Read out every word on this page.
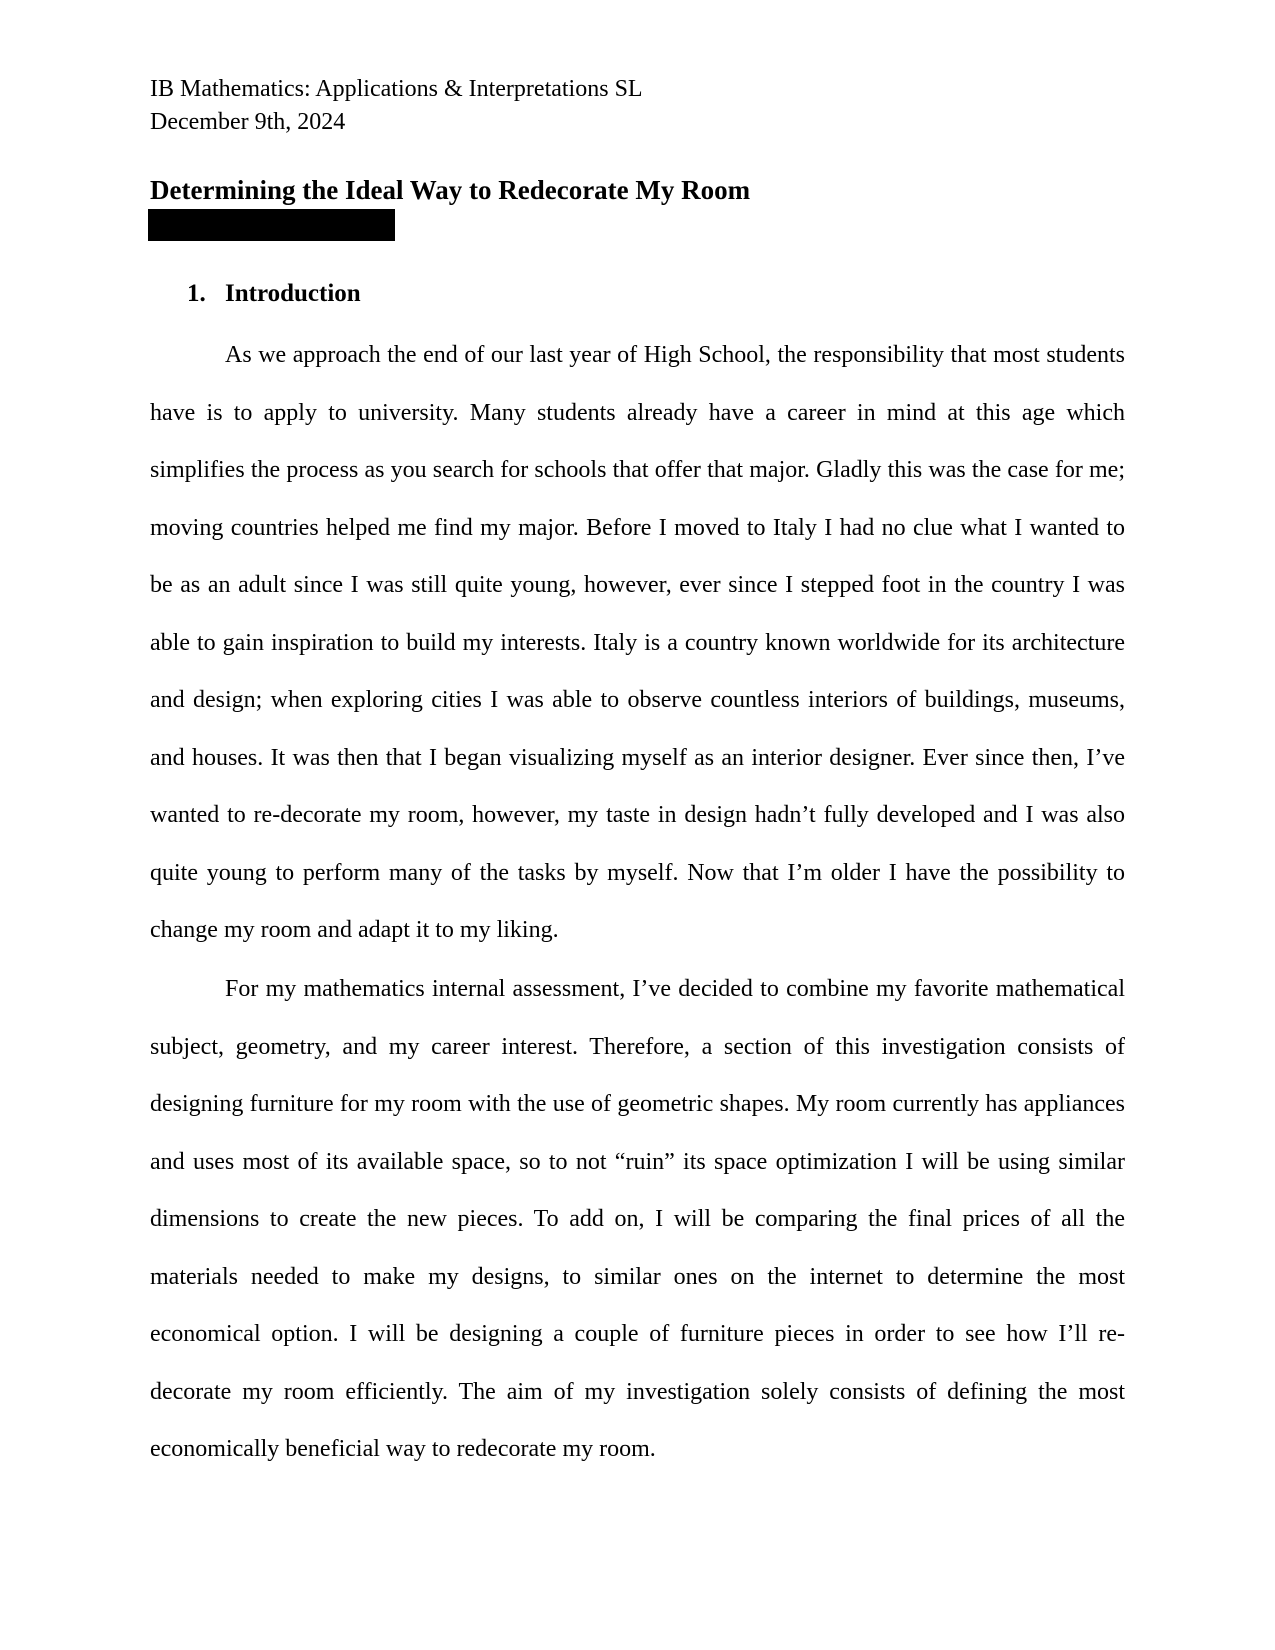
IB Mathematics: Applications & Interpretations SL
December 9th, 2024
Determining the Ideal Way to Redecorate My Room
1. Introduction

As we approach the end of our last year of High School, the responsibility that most students have is to apply to university. Many students already have a career in mind at this age which simplifies the process as you search for schools that offer that major. Gladly this was the case for me; moving countries helped me find my major. Before I moved to Italy I had no clue what I wanted to be as an adult since I was still quite young, however, ever since I stepped foot in the country I was able to gain inspiration to build my interests. Italy is a country known worldwide for its architecture and design; when exploring cities I was able to observe countless interiors of buildings, museums, and houses. It was then that I began visualizing myself as an interior designer. Ever since then, I’ve wanted to re-decorate my room, however, my taste in design hadn’t fully developed and I was also quite young to perform many of the tasks by myself. Now that I’m older I have the possibility to change my room and adapt it to my liking.

For my mathematics internal assessment, I’ve decided to combine my favorite mathematical subject, geometry, and my career interest. Therefore, a section of this investigation consists of designing furniture for my room with the use of geometric shapes. My room currently has appliances and uses most of its available space, so to not “ruin” its space optimization I will be using similar dimensions to create the new pieces. To add on, I will be comparing the final prices of all the materials needed to make my designs, to similar ones on the internet to determine the most economical option. I will be designing a couple of furniture pieces in order to see how I’ll re-decorate my room efficiently. The aim of my investigation solely consists of defining the most economically beneficial way to redecorate my room.
